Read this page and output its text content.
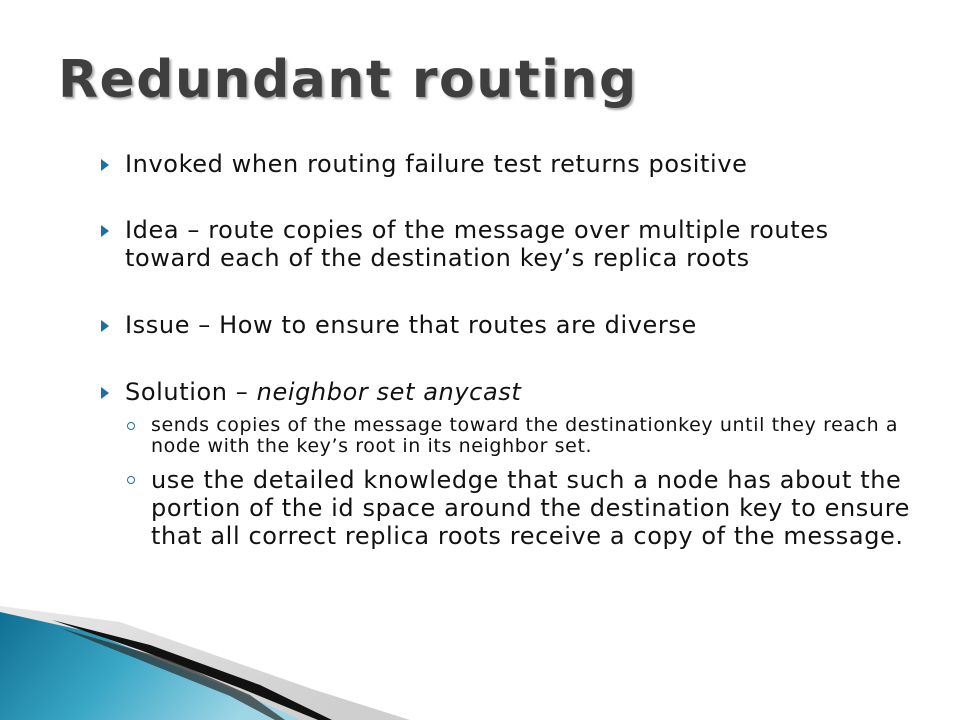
Redundant routing
Invoked when routing failure test returns positive
Idea – route copies of the message over multiple routes toward each of the destination key’s replica roots
Issue – How to ensure that routes are diverse
Solution – neighbor set anycast
sends copies of the message toward the destinationkey until they reach a node with the key’s root in its neighbor set.
use the detailed knowledge that such a node has about the portion of the id space around the destination key to ensure that all correct replica roots receive a copy of the message.
